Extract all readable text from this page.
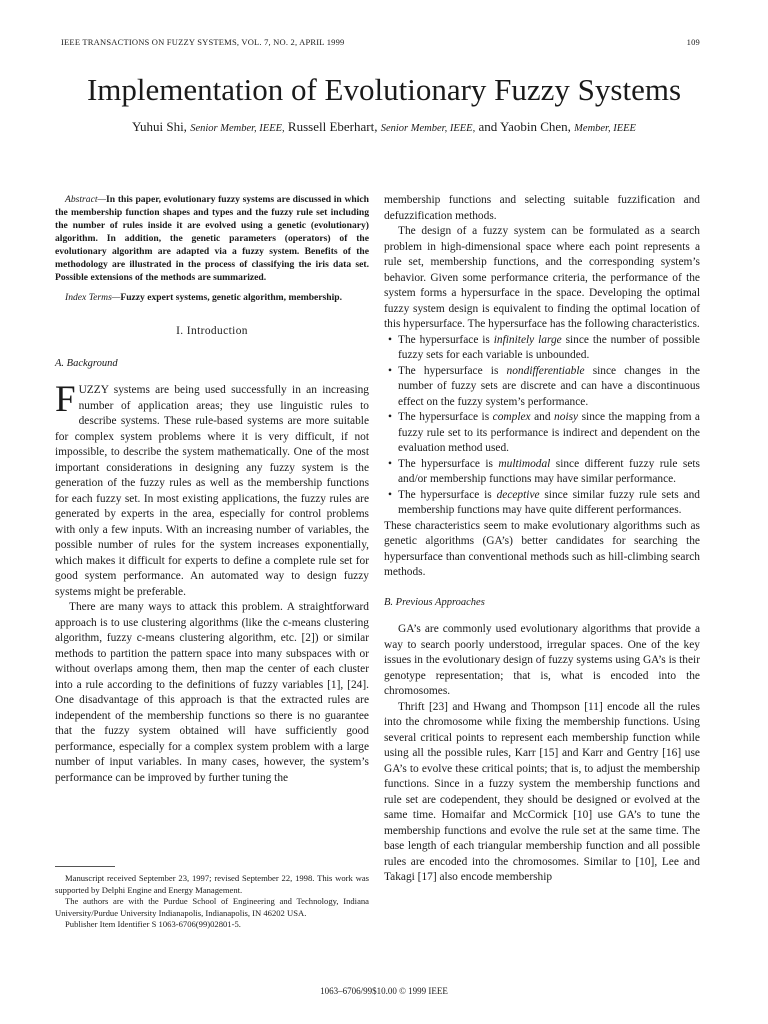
IEEE TRANSACTIONS ON FUZZY SYSTEMS, VOL. 7, NO. 2, APRIL 1999	109
Implementation of Evolutionary Fuzzy Systems

Yuhui Shi, Senior Member, IEEE, Russell Eberhart, Senior Member, IEEE, and Yaobin Chen, Member, IEEE

Abstract—In this paper, evolutionary fuzzy systems are discussed in which the membership function shapes and types and the fuzzy rule set including the number of rules inside it are evolved using a genetic (evolutionary) algorithm. In addition, the genetic parameters (operators) of the evolutionary algorithm are adapted via a fuzzy system. Benefits of the methodology are illustrated in the process of classifying the iris data set. Possible extensions of the methods are summarized.

Index Terms—Fuzzy expert systems, genetic algorithm, membership.

I. Introduction

A. Background

FUZZY systems are being used successfully in an increasing number of application areas; they use linguistic rules to describe systems. These rule-based systems are more suitable for complex system problems where it is very difficult, if not impossible, to describe the system mathematically. One of the most important considerations in designing any fuzzy system is the generation of the fuzzy rules as well as the membership functions for each fuzzy set. In most existing applications, the fuzzy rules are generated by experts in the area, especially for control problems with only a few inputs. With an increasing number of variables, the possible number of rules for the system increases exponentially, which makes it difficult for experts to define a complete rule set for good system performance. An automated way to design fuzzy systems might be preferable.

There are many ways to attack this problem. A straightforward approach is to use clustering algorithms (like the c-means clustering algorithm, fuzzy c-means clustering algorithm, etc. [2]) or similar methods to partition the pattern space into many subspaces with or without overlaps among them, then map the center of each cluster into a rule according to the definitions of fuzzy variables [1], [24]. One disadvantage of this approach is that the extracted rules are independent of the membership functions so there is no guarantee that the fuzzy system obtained will have sufficiently good performance, especially for a complex system problem with a large number of input variables. In many cases, however, the system’s performance can be improved by further tuning the

membership functions and selecting suitable fuzzification and defuzzification methods.

The design of a fuzzy system can be formulated as a search problem in high-dimensional space where each point represents a rule set, membership functions, and the corresponding system’s behavior. Given some performance criteria, the performance of the system forms a hypersurface in the space. Developing the optimal fuzzy system design is equivalent to finding the optimal location of this hypersurface. The hypersurface has the following characteristics.

• The hypersurface is infinitely large since the number of possible fuzzy sets for each variable is unbounded.
• The hypersurface is nondifferentiable since changes in the number of fuzzy sets are discrete and can have a discontinuous effect on the fuzzy system’s performance.
• The hypersurface is complex and noisy since the mapping from a fuzzy rule set to its performance is indirect and dependent on the evaluation method used.
• The hypersurface is multimodal since different fuzzy rule sets and/or membership functions may have similar performance.
• The hypersurface is deceptive since similar fuzzy rule sets and membership functions may have quite different performances.

These characteristics seem to make evolutionary algorithms such as genetic algorithms (GA’s) better candidates for searching the hypersurface than conventional methods such as hill-climbing search methods.

B. Previous Approaches

GA’s are commonly used evolutionary algorithms that provide a way to search poorly understood, irregular spaces. One of the key issues in the evolutionary design of fuzzy systems using GA’s is their genotype representation; that is, what is encoded into the chromosomes.

Thrift [23] and Hwang and Thompson [11] encode all the rules into the chromosome while fixing the membership functions. Using several critical points to represent each membership function while using all the possible rules, Karr [15] and Karr and Gentry [16] use GA’s to evolve these critical points; that is, to adjust the membership functions. Since in a fuzzy system the membership functions and rule set are codependent, they should be designed or evolved at the same time. Homaifar and McCormick [10] use GA’s to tune the membership functions and evolve the rule set at the same time. The base length of each triangular membership function and all possible rules are encoded into the chromosomes. Similar to [10], Lee and Takagi [17] also encode membership

Manuscript received September 23, 1997; revised September 22, 1998. This work was supported by Delphi Engine and Energy Management.

The authors are with the Purdue School of Engineering and Technology, Indiana University/Purdue University Indianapolis, Indianapolis, IN 46202 USA.

Publisher Item Identifier S 1063-6706(99)02801-5.

1063–6706/99$10.00 © 1999 IEEE
